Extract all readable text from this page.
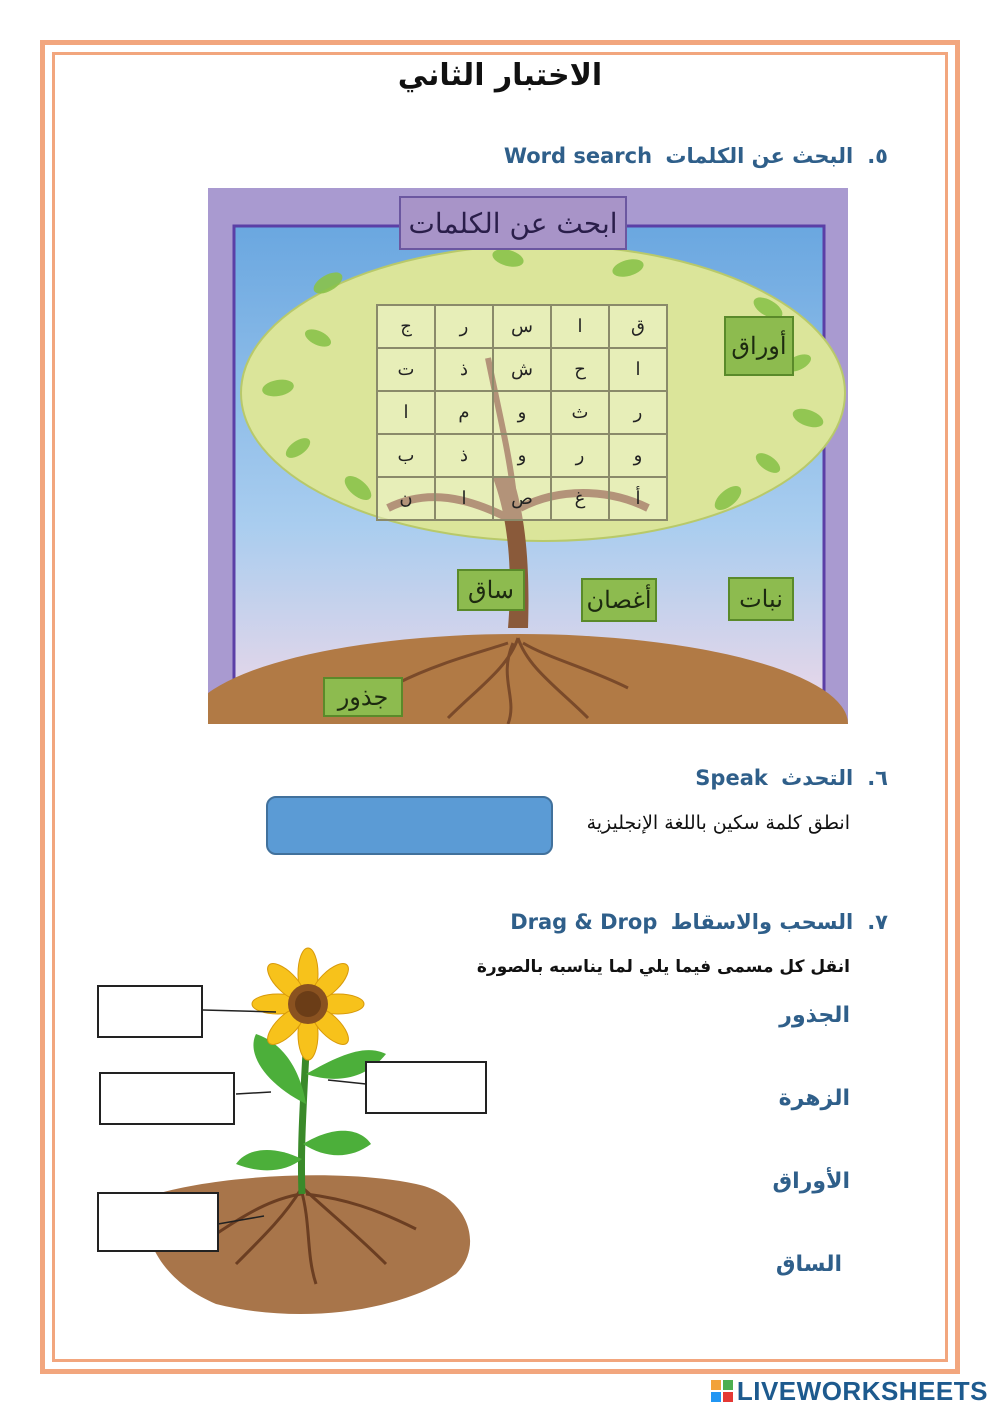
الاختبار الثاني
٥.البحث عن الكلمات Word search
ابحث عن الكلمات
ق
ا
س
ر
ج
ا
ح
ش
ذ
ت
ر
ث
و
م
ا
و
ر
و
ذ
ب
أ
غ
ص
ا
ن
أوراق
أغصان
ساق	نبات
جذور
٦.التحدث Speak
انطق كلمة سكين باللغة الإنجليزية
٧.السحب والاسقاط Drag & Drop
انقل كل مسمى فيما يلي لما يناسبه بالصورة
الجذور
الزهرة
الأوراق
الساق
LIVEWORKSHEETS
